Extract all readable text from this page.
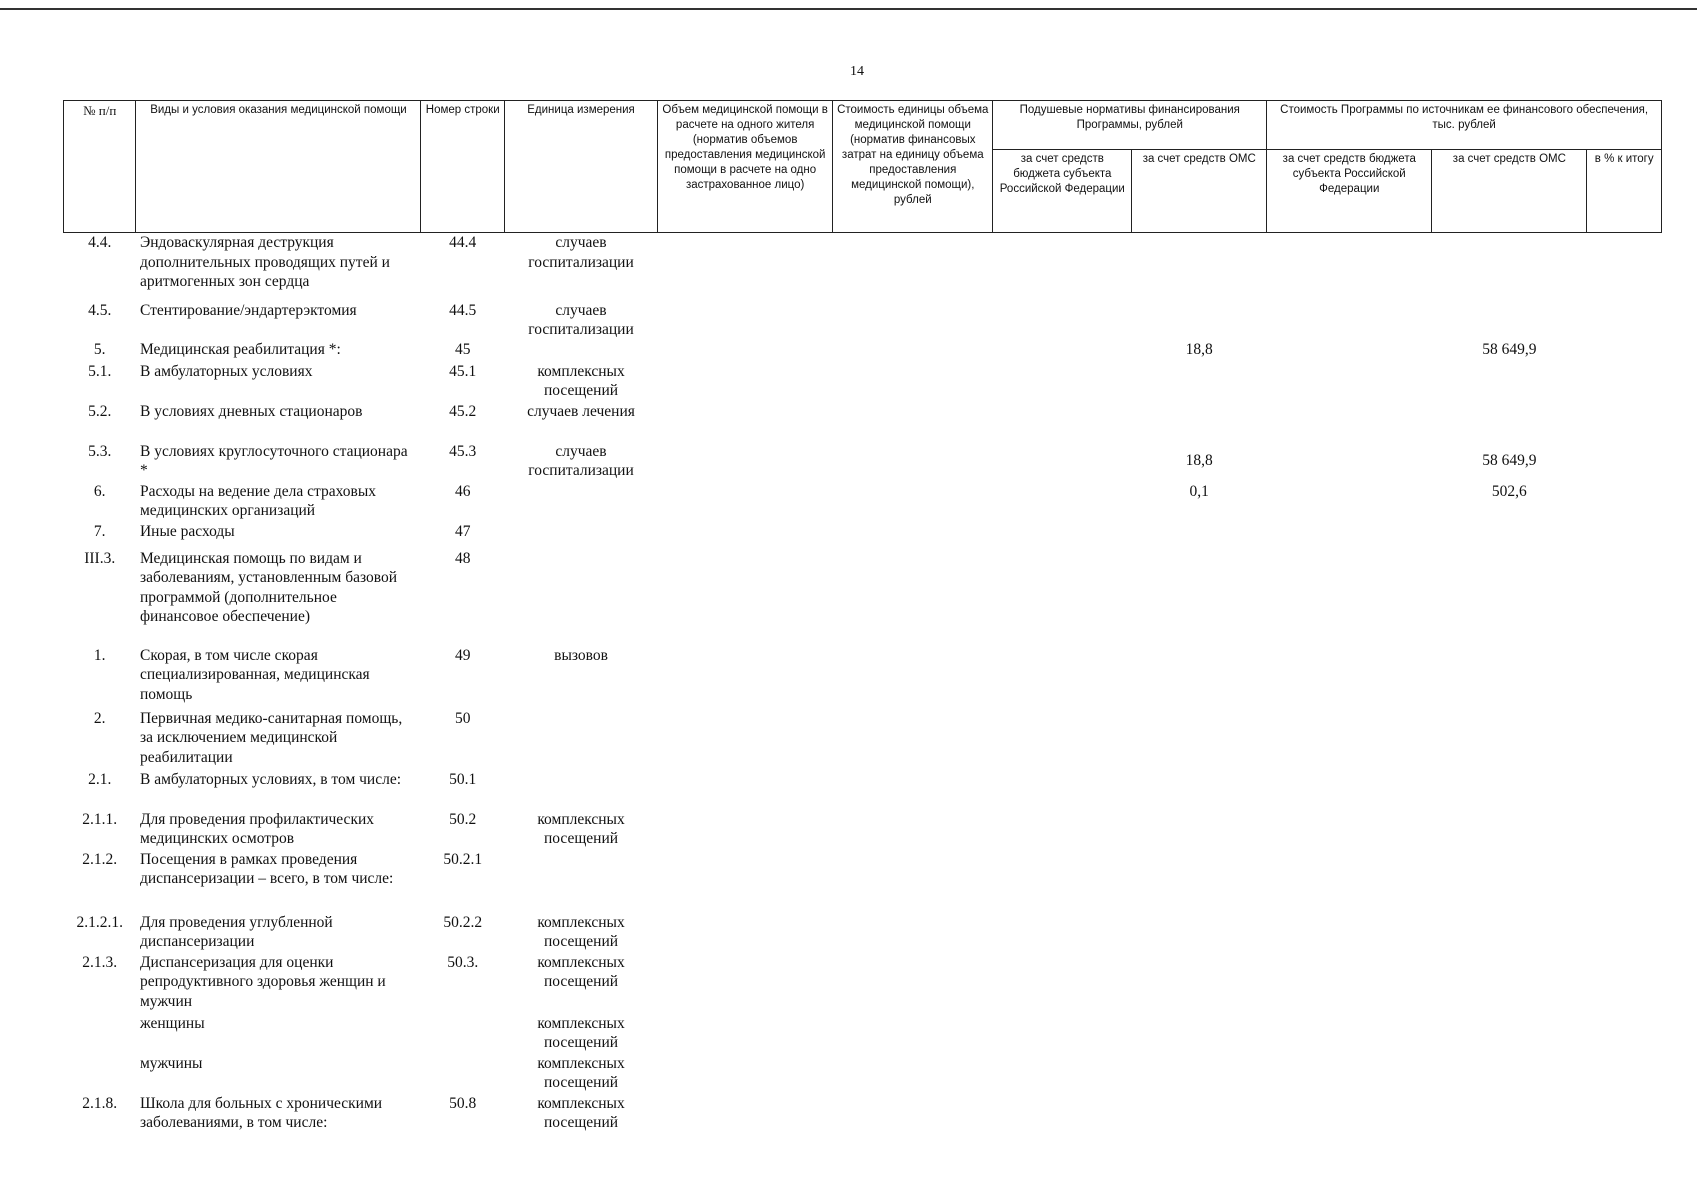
14
№ п/п	Виды и условия оказания медицинской помощи	Номер строки	Единица измерения	Объем медицинской помощи в расчете на одного жителя (норматив объемов предоставления медицинской помощи в расчете на одно застрахованное лицо)	Стоимость единицы объема медицинской помощи (норматив финансовых затрат на единицу объема предоставления медицинской помощи), рублей	Подушевые нормативы финансирования Программы, рублей		Стоимость Программы по источникам ее финансового обеспечения, тыс. рублей		
						за счет средств бюджета субъекта Российской Федерации	за счет средств ОМС	за счет средств бюджета субъекта Российской Федерации	за счет средств ОМС	в % к итогу
4.4.	Эндоваскулярная деструкция дополнительных проводящих путей и аритмогенных зон сердца	44.4	случаев госпитализации							
4.5.	Стентирование/эндартерэктомия	44.5	случаев госпитализации							
5.	Медицинская реабилитация *:	45					18,8		58 649,9	
5.1.	В амбулаторных условиях	45.1	комплексных посещений							
5.2.	В условиях дневных стационаров	45.2	случаев лечения							
5.3.	В условиях круглосуточного стационара *	45.3	случаев госпитализации				18,8		58 649,9	
6.	Расходы на ведение дела страховых медицинских организаций	46					0,1		502,6	
7.	Иные расходы	47								
III.3.	Медицинская помощь по видам и заболеваниям, установленным базовой программой (дополнительное финансовое обеспечение)	48								
1.	Скорая, в том числе скорая специализированная, медицинская помощь	49	вызовов							
2.	Первичная медико-санитарная помощь, за исключением медицинской реабилитации	50								
2.1.	В амбулаторных условиях, в том числе:	50.1								
2.1.1.	Для проведения профилактических медицинских осмотров	50.2	комплексных посещений							
2.1.2.	Посещения в рамках проведения диспансеризации – всего, в том числе:	50.2.1								
2.1.2.1.	Для проведения углубленной диспансеризации	50.2.2	комплексных посещений							
2.1.3.	Диспансеризация для оценки репродуктивного здоровья женщин и мужчин	50.3.	комплексных посещений							
	женщины		комплексных посещений							
	мужчины		комплексных посещений							
2.1.8.	Школа для больных с хроническими заболеваниями, в том числе:	50.8	комплексных посещений							
